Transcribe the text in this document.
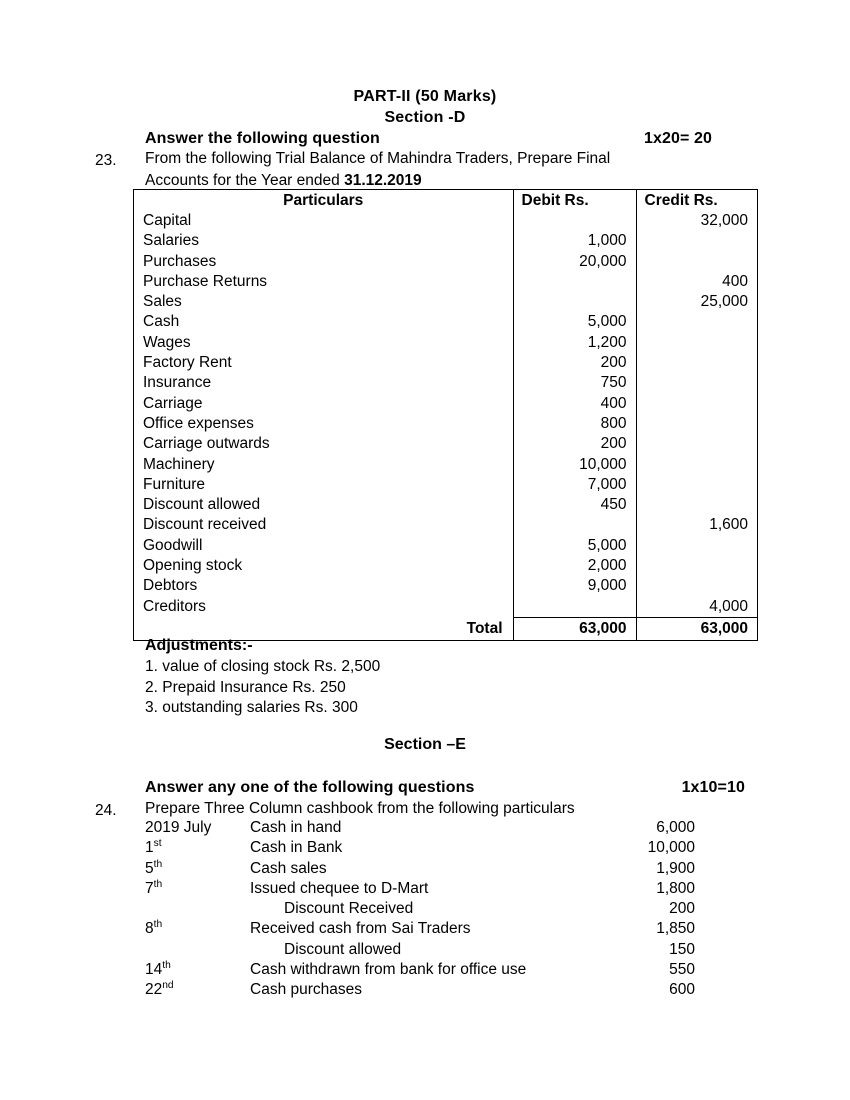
PART-II (50 Marks)
Section -D
Answer the following question	1x20= 20
23.	From the following Trial Balance of Mahindra Traders, Prepare Final
Accounts for the Year ended 31.12.2019
Particulars	Debit Rs.	Credit Rs.
Capital		32,000
Salaries	1,000	
Purchases	20,000	
Purchase Returns		400
Sales		25,000
Cash	5,000	
Wages	1,200	
Factory Rent	200	
Insurance	750	
Carriage	400	
Office expenses	800	
Carriage outwards	200	
Machinery	10,000	
Furniture	7,000	
Discount allowed	450	
Discount received		1,600
Goodwill	5,000	
Opening stock	2,000	
Debtors	9,000	
Creditors		4,000
Total	63,000	63,000
Adjustments:-
1. value of closing stock Rs. 2,500
2. Prepaid Insurance Rs. 250
3. outstanding salaries Rs. 300
Section –E
Answer any one of the following questions	1x10=10
24.	Prepare Three Column cashbook from the following particulars
2019 July	Cash in hand	6,000
1st	Cash in Bank	10,000
5th	Cash sales	1,900
7th	Issued chequee to D-Mart	1,800
Discount Received	200
8th	Received cash from Sai Traders	1,850
Discount allowed	150
14th	Cash withdrawn from bank for office use	550
22nd	Cash purchases	600
